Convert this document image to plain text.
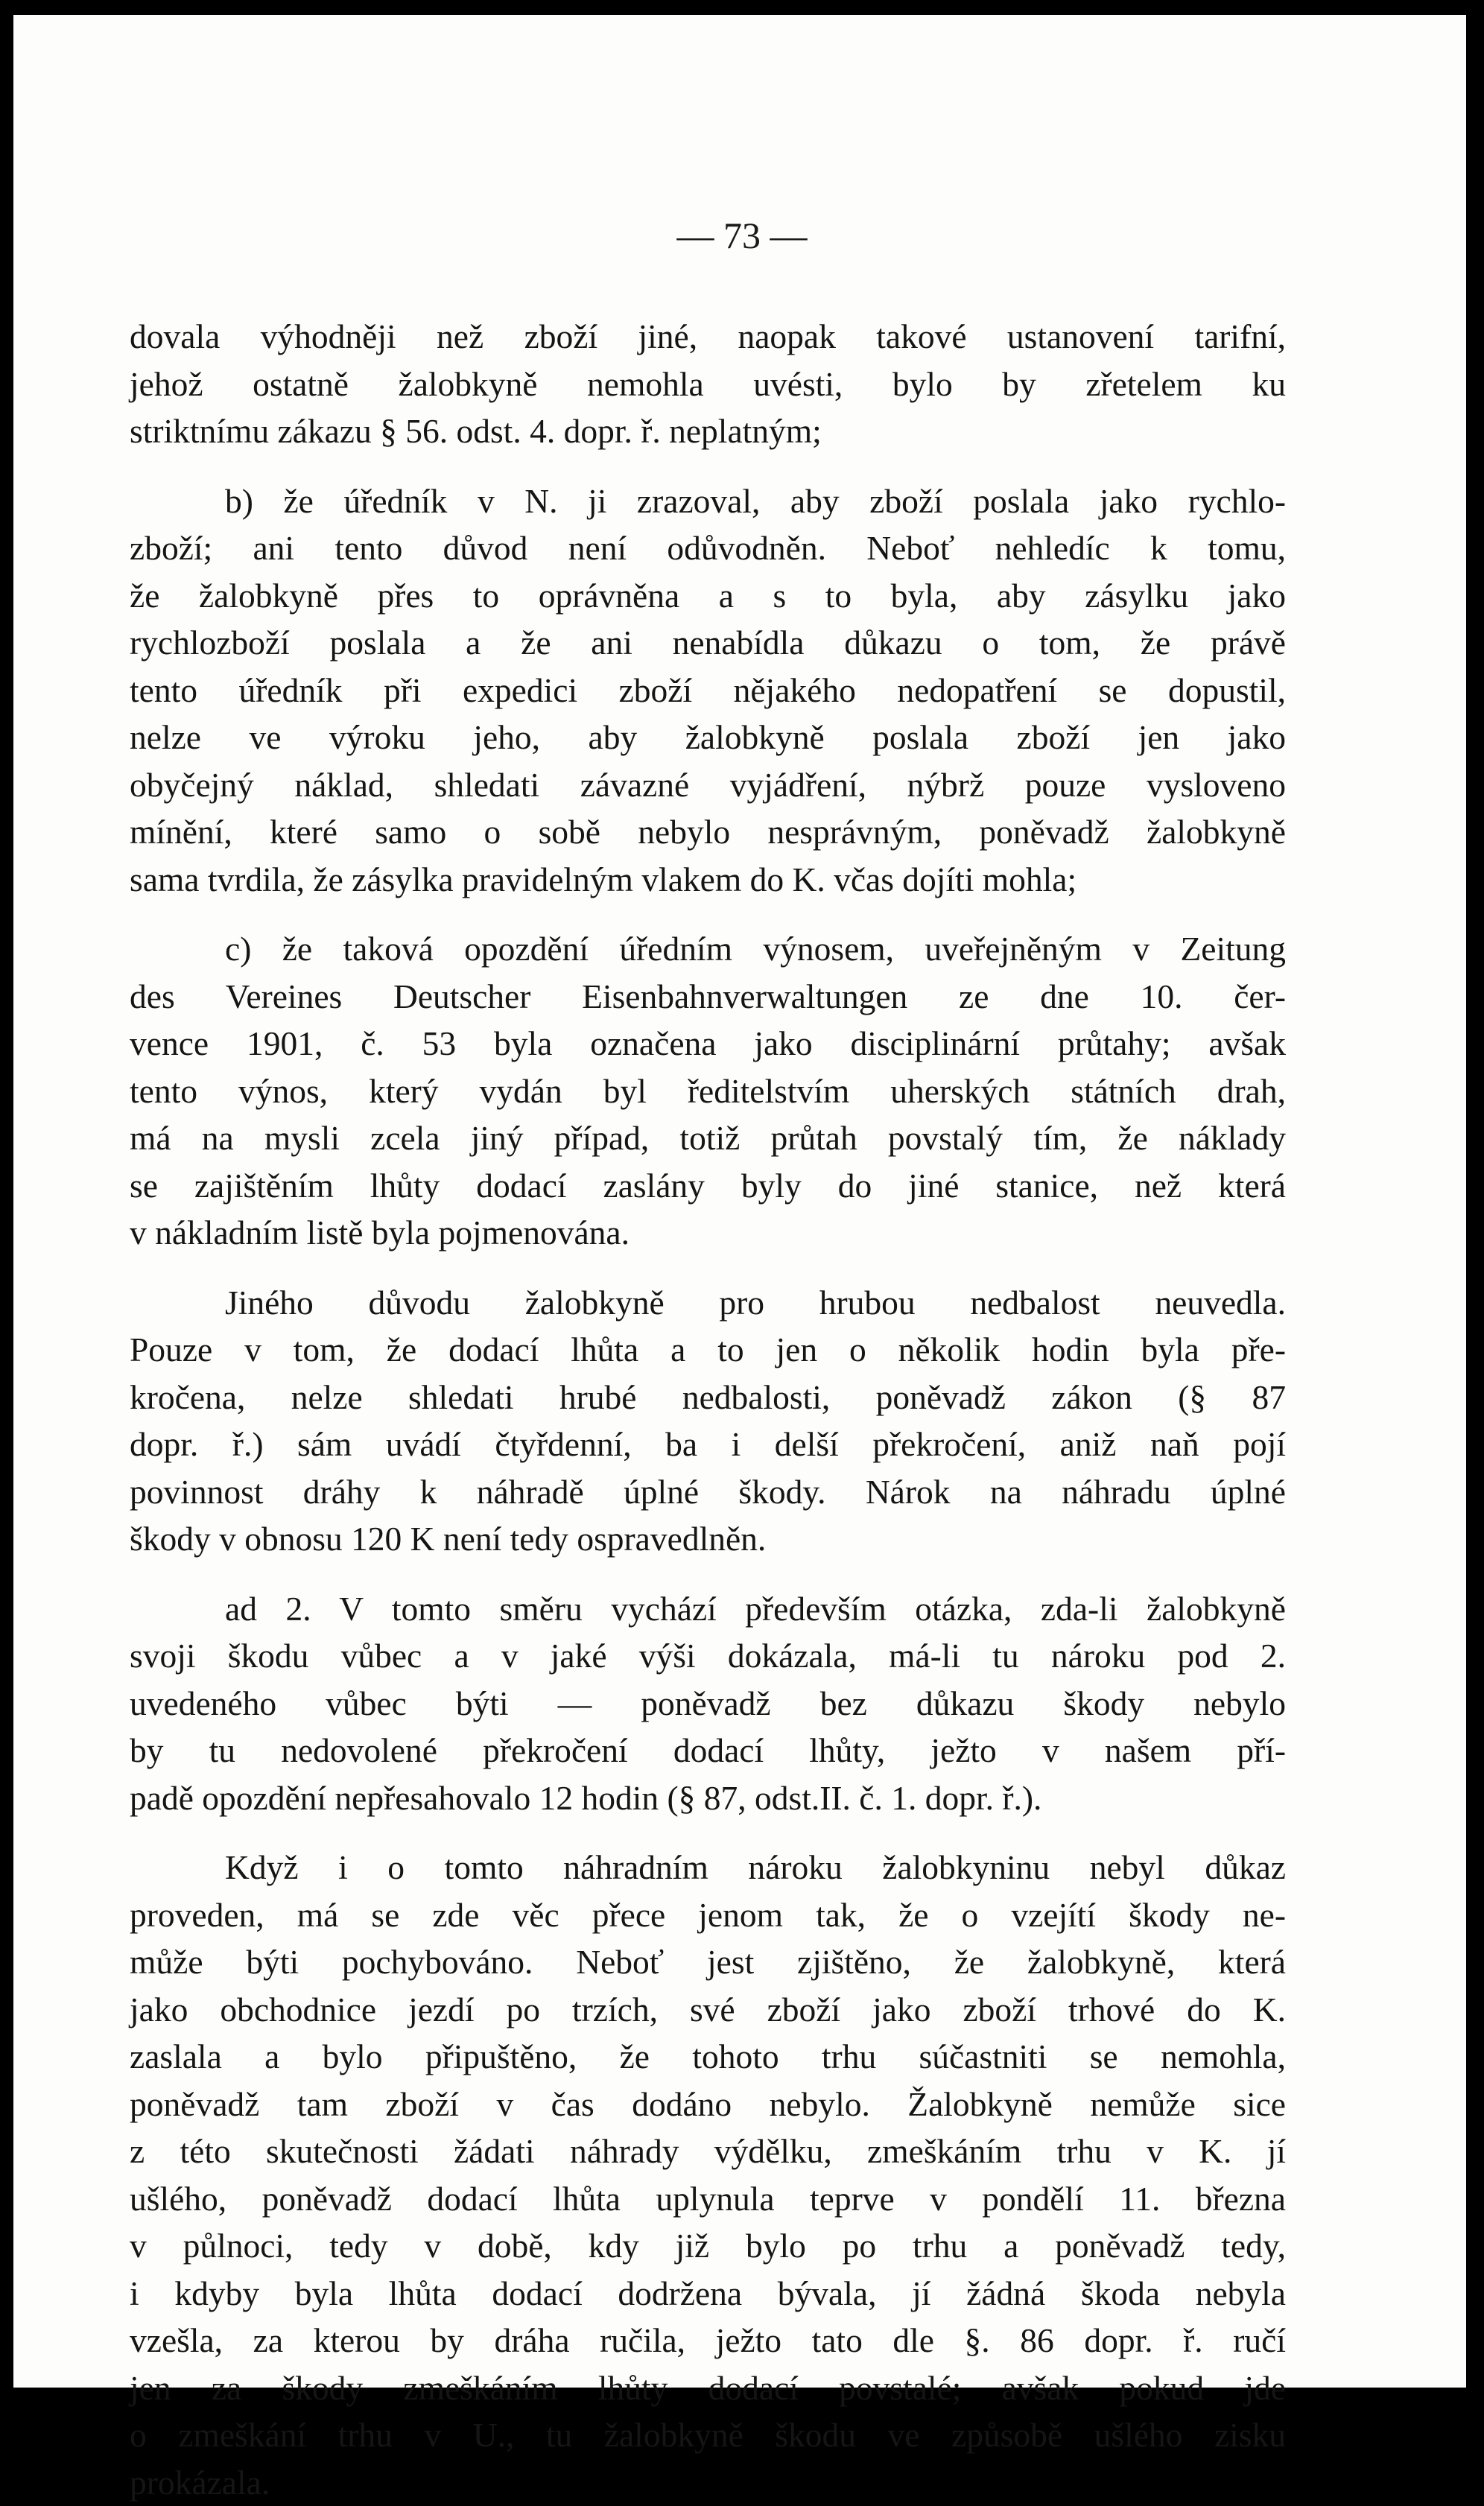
— 73 —
dovala výhodněji než zboží jiné, naopak takové ustanovení tarifní,
jehož ostatně žalobkyně nemohla uvésti, bylo by zřetelem ku
striktnímu zákazu § 56. odst. 4. dopr. ř. neplatným;
b) že úředník v N. ji zrazoval, aby zboží poslala jako rychlo-
zboží; ani tento důvod není odůvodněn. Neboť nehledíc k tomu,
že žalobkyně přes to oprávněna a s to byla, aby zásylku jako
rychlozboží poslala a že ani nenabídla důkazu o tom, že právě
tento úředník při expedici zboží nějakého nedopatření se dopustil,
nelze ve výroku jeho, aby žalobkyně poslala zboží jen jako
obyčejný náklad, shledati závazné vyjádření, nýbrž pouze vysloveno
mínění, které samo o sobě nebylo nesprávným, poněvadž žalobkyně
sama tvrdila, že zásylka pravidelným vlakem do K. včas dojíti mohla;
c) že taková opozdění úředním výnosem, uveřejněným v Zeitung
des Vereines Deutscher Eisenbahnverwaltungen ze dne 10. čer-
vence 1901, č. 53 byla označena jako disciplinární průtahy; avšak
tento výnos, který vydán byl ředitelstvím uherských státních drah,
má na mysli zcela jiný případ, totiž průtah povstalý tím, že náklady
se zajištěním lhůty dodací zaslány byly do jiné stanice, než která
v nákladním listě byla pojmenována.
Jiného důvodu žalobkyně pro hrubou nedbalost neuvedla.
Pouze v tom, že dodací lhůta a to jen o několik hodin byla pře-
kročena, nelze shledati hrubé nedbalosti, poněvadž zákon (§ 87
dopr. ř.) sám uvádí čtyřdenní, ba i delší překročení, aniž naň pojí
povinnost dráhy k náhradě úplné škody. Nárok na náhradu úplné
škody v obnosu 120 K není tedy ospravedlněn.
ad 2. V tomto směru vychází především otázka, zda-li žalobkyně
svoji škodu vůbec a v jaké výši dokázala, má-li tu nároku pod 2.
uvedeného vůbec býti — poněvadž bez důkazu škody nebylo
by tu nedovolené překročení dodací lhůty, ježto v našem pří-
padě opozdění nepřesahovalo 12 hodin (§ 87, odst.II. č. 1. dopr. ř.).
Když i o tomto náhradním nároku žalobkyninu nebyl důkaz
proveden, má se zde věc přece jenom tak, že o vzejítí škody ne-
může býti pochybováno. Neboť jest zjištěno, že žalobkyně, která
jako obchodnice jezdí po trzích, své zboží jako zboží trhové do K.
zaslala a bylo připuštěno, že tohoto trhu súčastniti se nemohla,
poněvadž tam zboží v čas dodáno nebylo. Žalobkyně nemůže sice
z této skutečnosti žádati náhrady výdělku, zmeškáním trhu v K. jí
ušlého, poněvadž dodací lhůta uplynula teprve v pondělí 11. března
v půlnoci, tedy v době, kdy již bylo po trhu a poněvadž tedy,
i kdyby byla lhůta dodací dodržena bývala, jí žádná škoda nebyla
vzešla, za kterou by dráha ručila, ježto tato dle §. 86 dopr. ř. ručí
jen za škody zmeškáním lhůty dodací povstalé; avšak pokud jde
o zmeškání trhu v U., tu žalobkyně škodu ve způsobě ušlého zisku
prokázala.
